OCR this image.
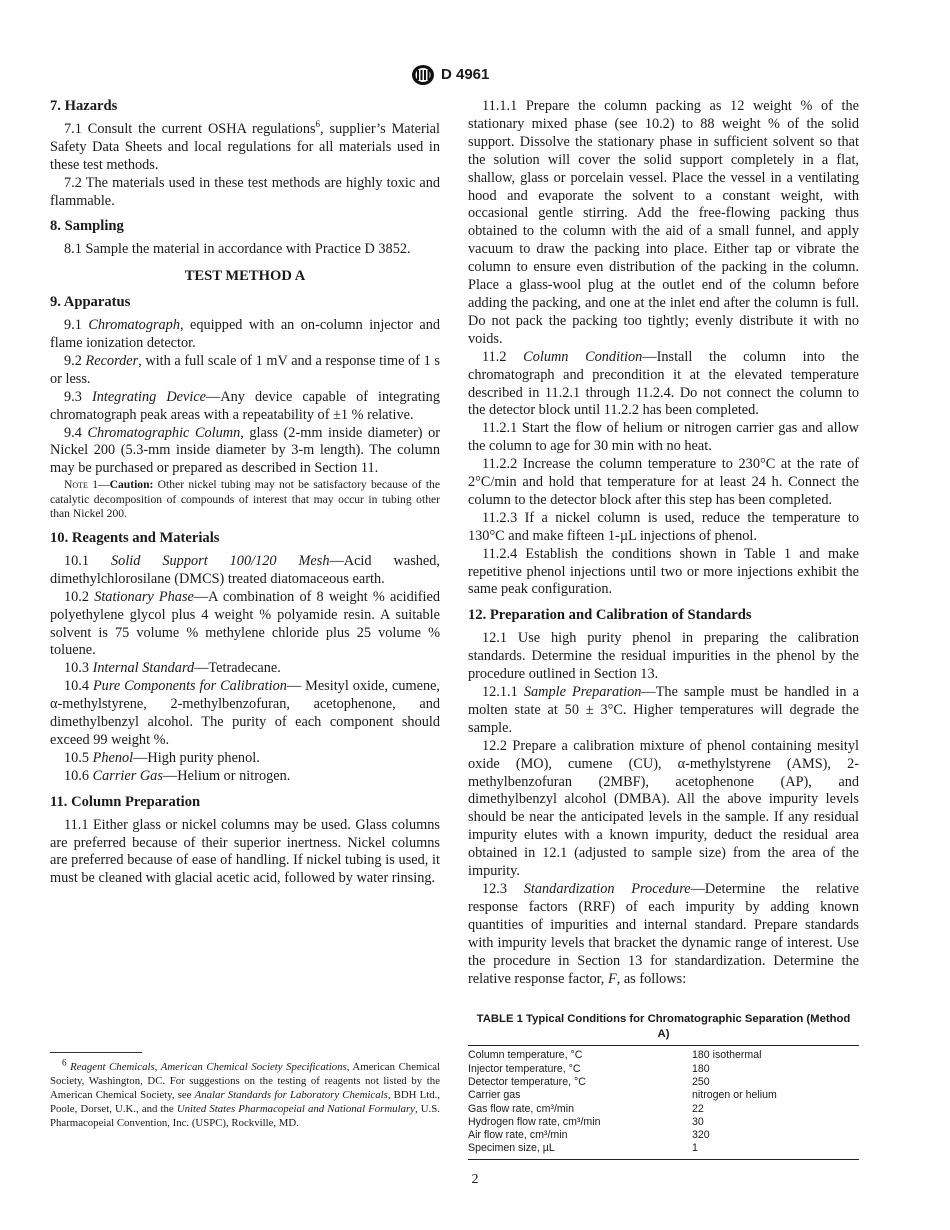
D 4961
7. Hazards

7.1 Consult the current OSHA regulations$^6$, supplier’s Material Safety Data Sheets and local regulations for all materials used in these test methods.

7.2 The materials used in these test methods are highly toxic and flammable.

8. Sampling

8.1 Sample the material in accordance with Practice D 3852.

TEST METHOD A
9. Apparatus

9.1 Chromatograph, equipped with an on-column injector and flame ionization detector.

9.2 Recorder, with a full scale of 1 mV and a response time of 1 s or less.

9.3 Integrating Device—Any device capable of integrating chromatograph peak areas with a repeatability of ±1 % relative.

9.4 Chromatographic Column, glass (2-mm inside diameter) or Nickel 200 (5.3-mm inside diameter by 3-m length). The column may be purchased or prepared as described in Section 11.

Note 1—Caution: Other nickel tubing may not be satisfactory because of the catalytic decomposition of compounds of interest that may occur in tubing other than Nickel 200.

10. Reagents and Materials

10.1 Solid Support 100/120 Mesh—Acid washed, dimethylchlorosilane (DMCS) treated diatomaceous earth.

10.2 Stationary Phase—A combination of 8 weight % acidified polyethylene glycol plus 4 weight % polyamide resin. A suitable solvent is 75 volume % methylene chloride plus 25 volume % toluene.

10.3 Internal Standard—Tetradecane.

10.4 Pure Components for Calibration— Mesityl oxide, cumene, α-methylstyrene, 2-methylbenzofuran, acetophenone, and dimethylbenzyl alcohol. The purity of each component should exceed 99 weight %.

10.5 Phenol—High purity phenol.

10.6 Carrier Gas—Helium or nitrogen.

11. Column Preparation

11.1 Either glass or nickel columns may be used. Glass columns are preferred because of their superior inertness. Nickel columns are preferred because of ease of handling. If nickel tubing is used, it must be cleaned with glacial acetic acid, followed by water rinsing.

11.1.1 Prepare the column packing as 12 weight % of the stationary mixed phase (see 10.2) to 88 weight % of the solid support. Dissolve the stationary phase in sufficient solvent so that the solution will cover the solid support completely in a flat, shallow, glass or porcelain vessel. Place the vessel in a ventilating hood and evaporate the solvent to a constant weight, with occasional gentle stirring. Add the free-flowing packing thus obtained to the column with the aid of a small funnel, and apply vacuum to draw the packing into place. Either tap or vibrate the column to ensure even distribution of the packing in the column. Place a glass-wool plug at the outlet end of the column before adding the packing, and one at the inlet end after the column is full. Do not pack the packing too tightly; evenly distribute it with no voids.

11.2 Column Condition—Install the column into the chromatograph and precondition it at the elevated temperature described in 11.2.1 through 11.2.4. Do not connect the column to the detector block until 11.2.2 has been completed.

11.2.1 Start the flow of helium or nitrogen carrier gas and allow the column to age for 30 min with no heat.

11.2.2 Increase the column temperature to 230°C at the rate of 2°C/min and hold that temperature for at least 24 h. Connect the column to the detector block after this step has been completed.

11.2.3 If a nickel column is used, reduce the temperature to 130°C and make fifteen 1-µL injections of phenol.

11.2.4 Establish the conditions shown in Table 1 and make repetitive phenol injections until two or more injections exhibit the same peak configuration.

12. Preparation and Calibration of Standards

12.1 Use high purity phenol in preparing the calibration standards. Determine the residual impurities in the phenol by the procedure outlined in Section 13.

12.1.1 Sample Preparation—The sample must be handled in a molten state at 50 ± 3°C. Higher temperatures will degrade the sample.

12.2 Prepare a calibration mixture of phenol containing mesityl oxide (MO), cumene (CU), α-methylstyrene (AMS), 2-methylbenzofuran (2MBF), acetophenone (AP), and dimethylbenzyl alcohol (DMBA). All the above impurity levels should be near the anticipated levels in the sample. If any residual impurity elutes with a known impurity, deduct the residual area obtained in 12.1 (adjusted to sample size) from the area of the impurity.

12.3 Standardization Procedure—Determine the relative response factors (RRF) of each impurity by adding known quantities of impurities and internal standard. Prepare standards with impurity levels that bracket the dynamic range of interest. Use the procedure in Section 13 for standardization. Determine the relative response factor, F, as follows:

TABLE 1 Typical Conditions for Chromatographic Separation (Method A)
Column temperature, °C	180 isothermal
Injector temperature, °C	180
Detector temperature, °C	250
Carrier gas	nitrogen or helium
Gas flow rate, cm³/min	22
Hydrogen flow rate, cm³/min	30
Air flow rate, cm³/min	320
Specimen size, µL	1
$^6$ Reagent Chemicals, American Chemical Society Specifications, American Chemical Society, Washington, DC. For suggestions on the testing of reagents not listed by the American Chemical Society, see Analar Standards for Laboratory Chemicals, BDH Ltd., Poole, Dorset, U.K., and the United States Pharmacopeial and National Formulary, U.S. Pharmacopeial Convention, Inc. (USPC), Rockville, MD.
2
